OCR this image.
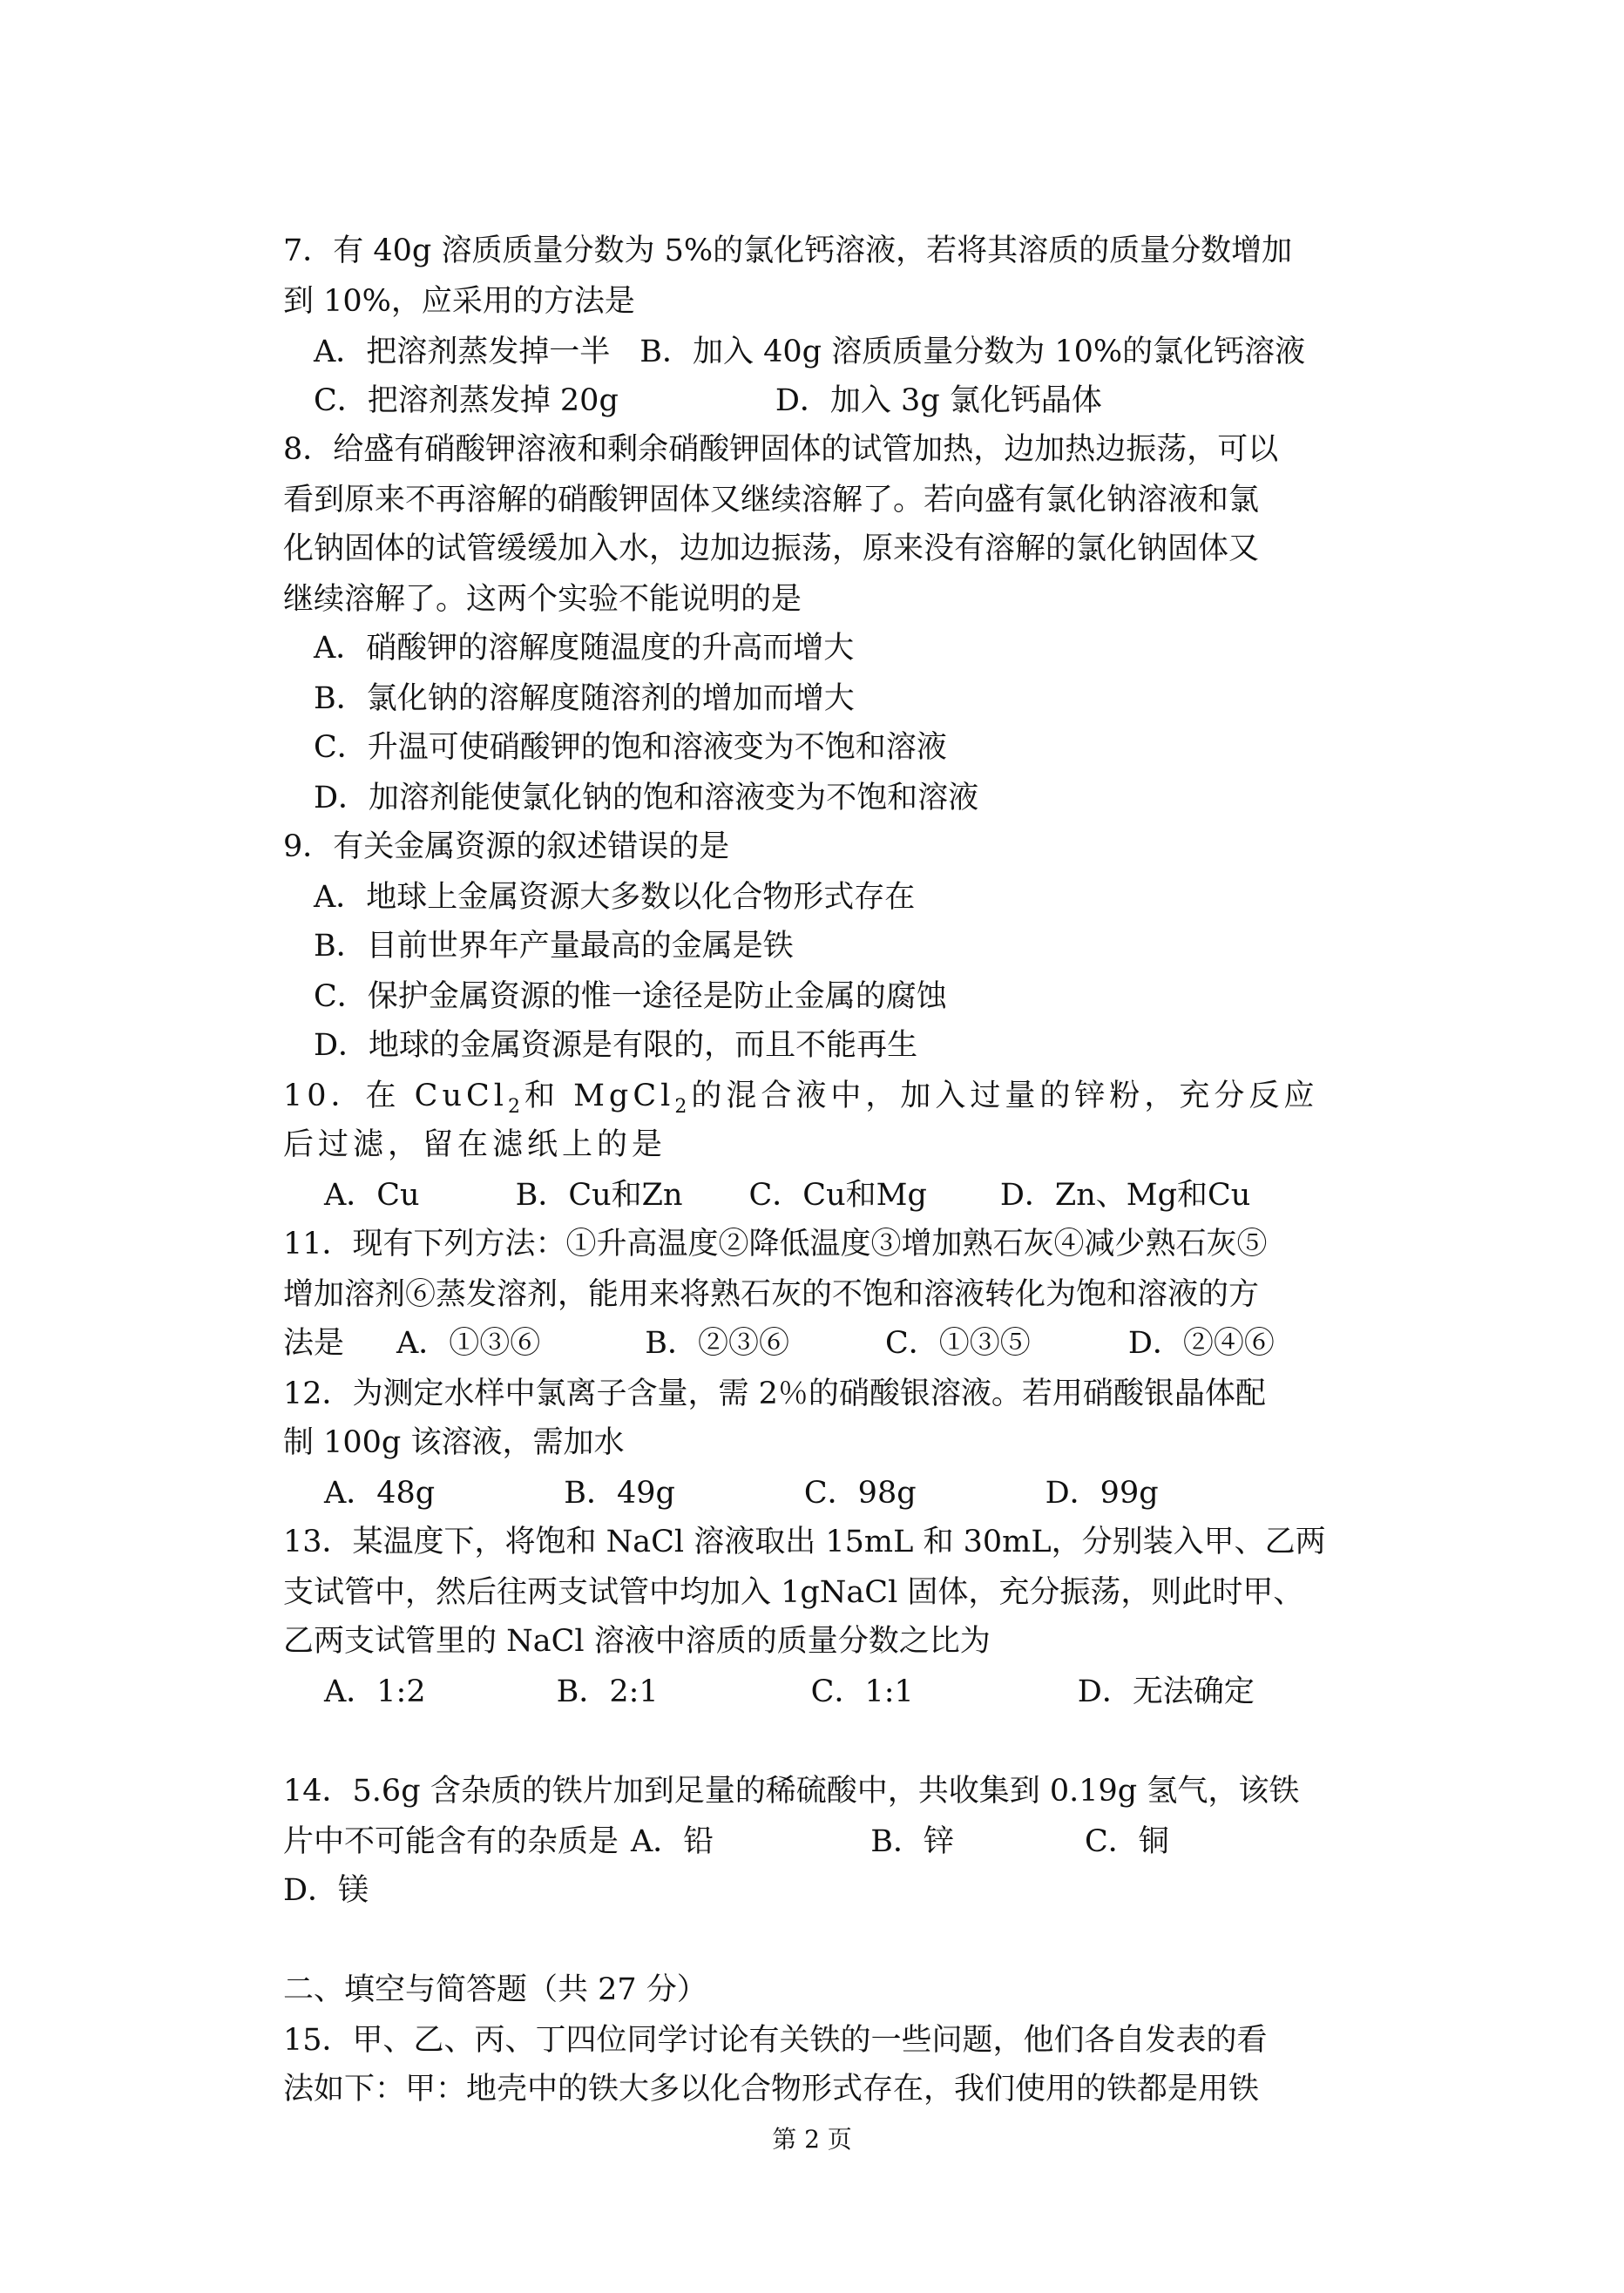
7．有 40g 溶质质量分数为 5%的氯化钙溶液，若将其溶质的质量分数增加
到 10%，应采用的方法是
A．把溶剂蒸发掉一半 B．加入 40g 溶质质量分数为 10%的氯化钙溶液
C．把溶剂蒸发掉 20g	D．加入 3g 氯化钙晶体
8．给盛有硝酸钾溶液和剩余硝酸钾固体的试管加热，边加热边振荡，可以
看到原来不再溶解的硝酸钾固体又继续溶解了。若向盛有氯化钠溶液和氯
化钠固体的试管缓缓加入水，边加边振荡，原来没有溶解的氯化钠固体又
继续溶解了。这两个实验不能说明的是
A．硝酸钾的溶解度随温度的升高而增大
B．氯化钠的溶解度随溶剂的增加而增大
C．升温可使硝酸钾的饱和溶液变为不饱和溶液
D．加溶剂能使氯化钠的饱和溶液变为不饱和溶液
9．有关金属资源的叙述错误的是
A．地球上金属资源大多数以化合物形式存在
B．目前世界年产量最高的金属是铁
C．保护金属资源的惟一途径是防止金属的腐蚀
D．地球的金属资源是有限的，而且不能再生
10．在 CuCl$_2$和 MgCl$_2$的混合液中，加入过量的锌粉，充分反应
后过滤，留在滤纸上的是
A．Cu	B．Cu和Zn C．Cu和Mg D．Zn、Mg和Cu
11．现有下列方法：①升高温度②降低温度③增加熟石灰④减少熟石灰⑤
增加溶剂⑥蒸发溶剂，能用来将熟石灰的不饱和溶液转化为饱和溶液的方
法是 A．①③⑥	B．②③⑥	C．①③⑤	D．②④⑥
12．为测定水样中氯离子含量，需 2％的硝酸银溶液。若用硝酸银晶体配
制 100g 该溶液，需加水
A．48g	B．49g	C．98g	D．99g
13．某温度下，将饱和 NaCl 溶液取出 15mL 和 30mL，分别装入甲、乙两
支试管中，然后往两支试管中均加入 1gNaCl 固体，充分振荡，则此时甲、
乙两支试管里的 NaCl 溶液中溶质的质量分数之比为
A．1:2	B．2:1	C．1:1	D．无法确定
14．5.6g 含杂质的铁片加到足量的稀硫酸中，共收集到 0.19g 氢气，该铁
片中不可能含有的杂质是 A．铅	B．锌	C．铜
D．镁
二、填空与简答题（共 27 分）
15．甲、乙、丙、丁四位同学讨论有关铁的一些问题，他们各自发表的看
法如下：甲：地壳中的铁大多以化合物形式存在，我们使用的铁都是用铁
第 2 页
